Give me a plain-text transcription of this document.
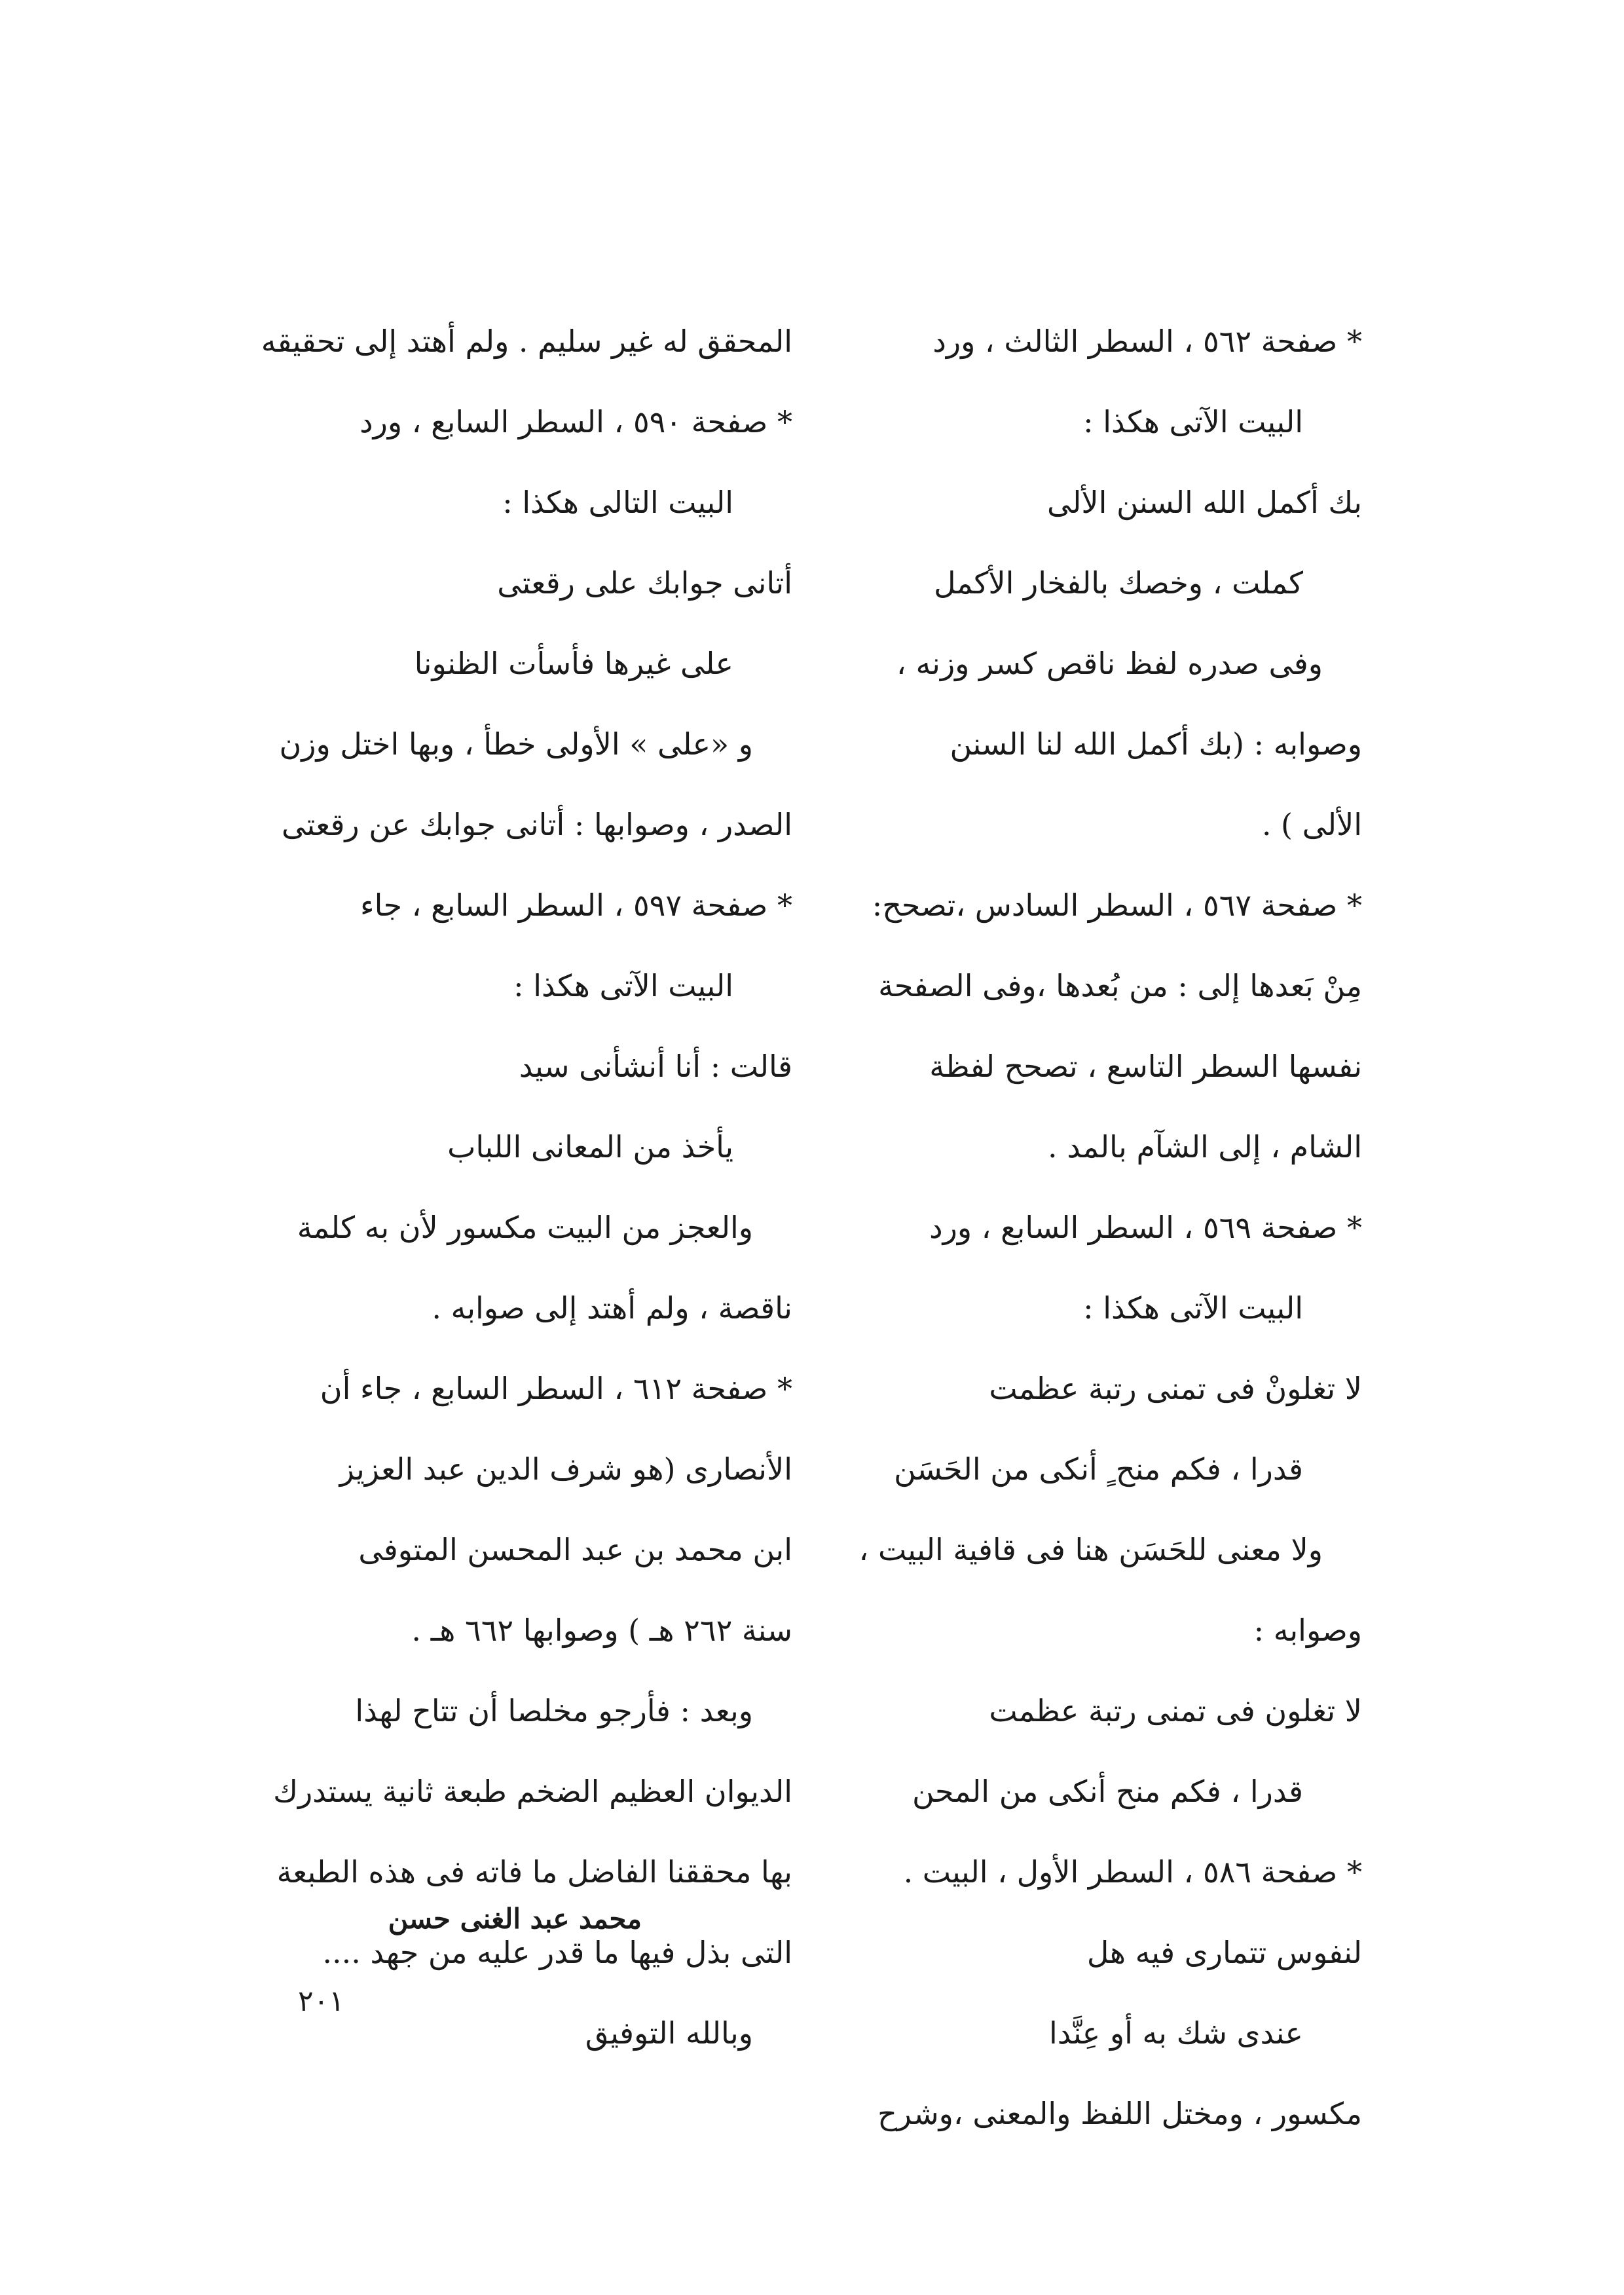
* صفحة ٥٦٢ ، السطر الثالث ، ورد
البيت الآتى هكذا :
بك أكمل الله السنن الألى
كملت ، وخصك بالفخار الأكمل
وفى صدره لفظ ناقص كسر وزنه ،
وصوابه : (بك أكمل الله لنا السنن
الألى ) .
* صفحة ٥٦٧ ، السطر السادس ،تصحح:
مِنْ بَعدها إلى : من بُعدها ،وفى الصفحة
نفسها السطر التاسع ، تصحح لفظة
الشام ، إلى الشآم بالمد .
* صفحة ٥٦٩ ، السطر السابع ، ورد
البيت الآتى هكذا :
لا تغلونْ فى تمنى رتبة عظمت
قدرا ، فكم منح ٍ أنكى من الحَسَن
ولا معنى للحَسَن هنا فى قافية البيت ،
وصوابه :
لا تغلون فى تمنى رتبة عظمت
قدرا ، فكم منح أنكى من المحن
* صفحة ٥٨٦ ، السطر الأول ، البيت .
لنفوس تتمارى فيه هل
عندى شك به أو عِنَّدا
مكسور ، ومختل اللفظ والمعنى ،وشرح
المحقق له غير سليم . ولم أهتد إلى تحقيقه
* صفحة ٥٩٠ ، السطر السابع ، ورد
البيت التالى هكذا :
أتانى جوابك على رقعتى
على غيرها فأسأت الظنونا
و «على » الأولى خطأ ، وبها اختل وزن
الصدر ، وصوابها : أتانى جوابك عن رقعتى
* صفحة ٥٩٧ ، السطر السابع ، جاء
البيت الآتى هكذا :
قالت : أنا أنشأنى سيد
يأخذ من المعانى اللباب
والعجز من البيت مكسور لأن به كلمة
ناقصة ، ولم أهتد إلى صوابه .
* صفحة ٦١٢ ، السطر السابع ، جاء أن
الأنصارى (هو شرف الدين عبد العزيز
ابن محمد بن عبد المحسن المتوفى
سنة ٢٦٢ هـ ) وصوابها ٦٦٢ هـ .
وبعد : فأرجو مخلصا أن تتاح لهذا
الديوان العظيم الضخم طبعة ثانية يستدرك
بها محققنا الفاضل ما فاته فى هذه الطبعة
التى بذل فيها ما قدر عليه من جهد ....
وبالله التوفيق
محمد عبد الغنى حسن
٢٠١
